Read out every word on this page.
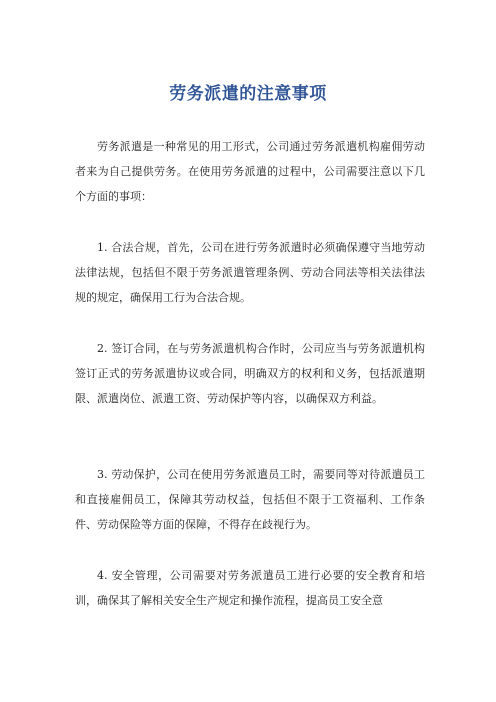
劳务派遣的注意事项

劳务派遣是一种常见的用工形式，公司通过劳务派遣机构雇佣劳动者来为自己提供劳务。在使用劳务派遣的过程中，公司需要注意以下几个方面的事项：

1. 合法合规，首先，公司在进行劳务派遣时必须确保遵守当地劳动法律法规，包括但不限于劳务派遣管理条例、劳动合同法等相关法律法规的规定，确保用工行为合法合规。

2. 签订合同，在与劳务派遣机构合作时，公司应当与劳务派遣机构签订正式的劳务派遣协议或合同，明确双方的权利和义务，包括派遣期限、派遣岗位、派遣工资、劳动保护等内容，以确保双方利益。

3. 劳动保护，公司在使用劳务派遣员工时，需要同等对待派遣员工和直接雇佣员工，保障其劳动权益，包括但不限于工资福利、工作条件、劳动保险等方面的保障，不得存在歧视行为。

4. 安全管理，公司需要对劳务派遣员工进行必要的安全教育和培训，确保其了解相关安全生产规定和操作流程，提高员工安全意
